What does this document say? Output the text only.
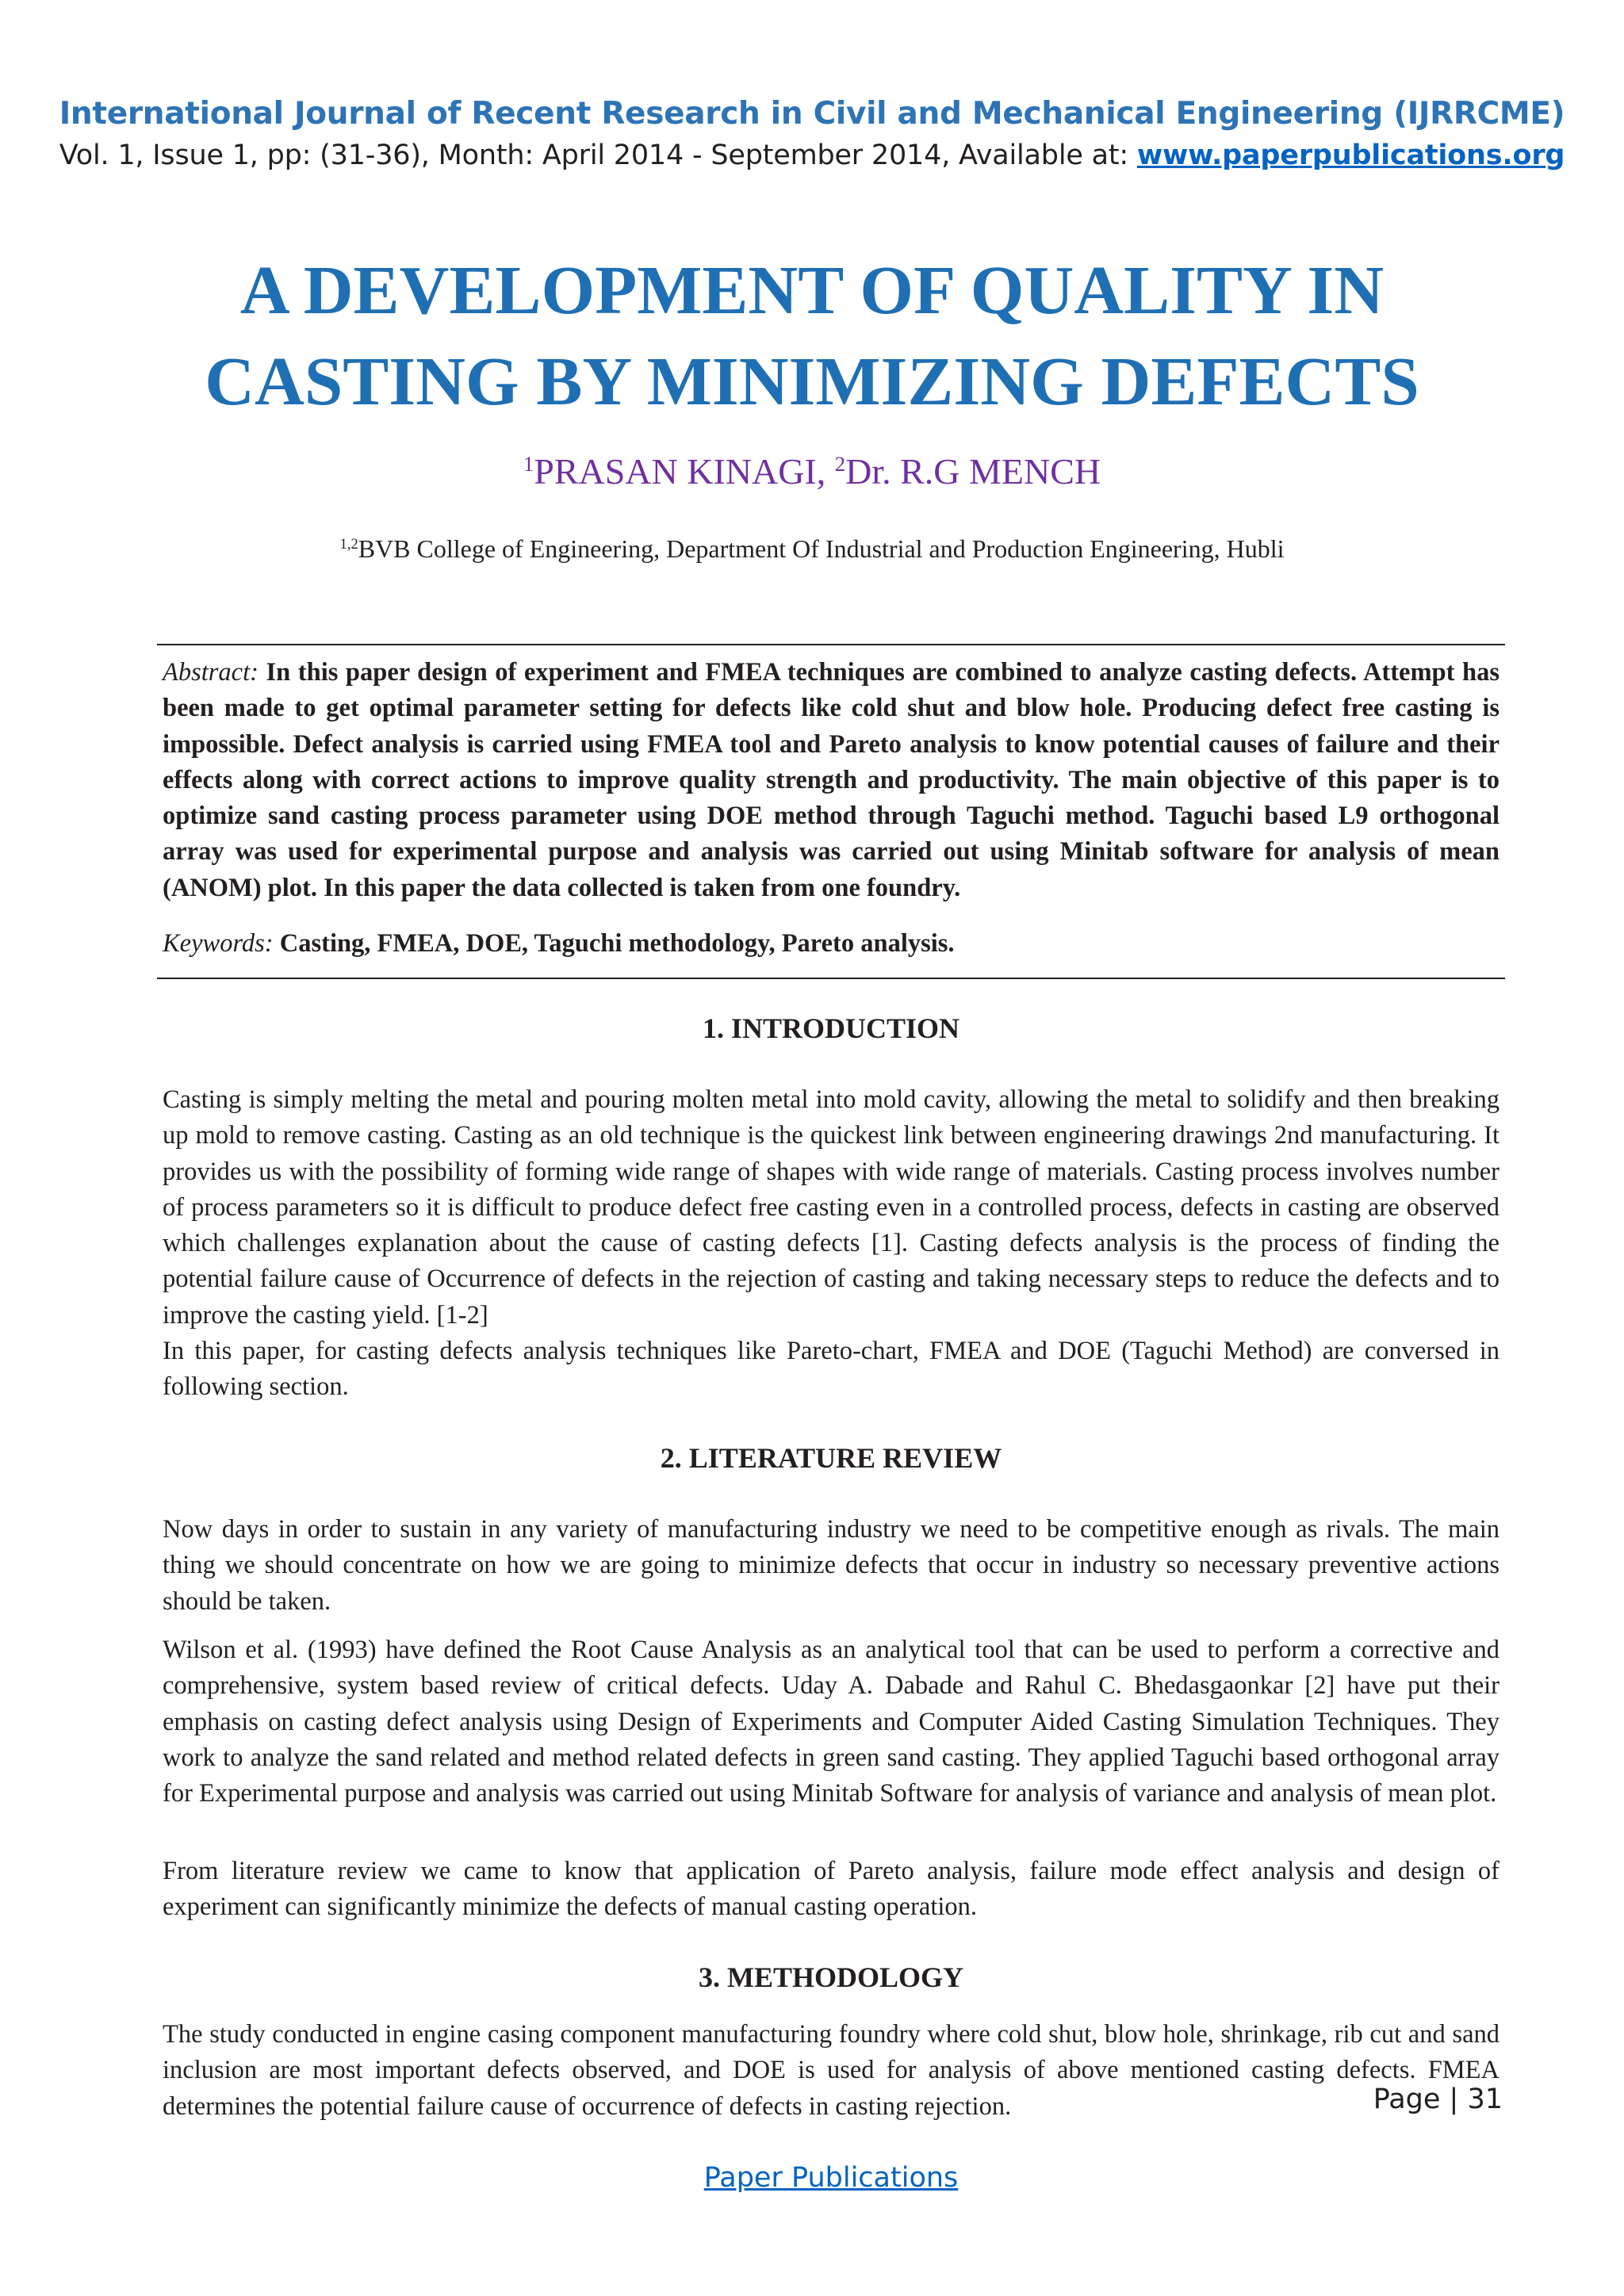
International Journal of Recent Research in Civil and Mechanical Engineering (IJRRCME)
Vol. 1, Issue 1, pp: (31-36), Month: April 2014 - September 2014, Available at: www.paperpublications.org
A DEVELOPMENT OF QUALITY IN
CASTING BY MINIMIZING DEFECTS
$^1$PRASAN KINAGI, $^2$Dr. R.G MENCH
$^{1,2}$BVB College of Engineering, Department Of Industrial and Production Engineering, Hubli
Abstract: In this paper design of experiment and FMEA techniques are combined to analyze casting defects. Attempt has been made to get optimal parameter setting for defects like cold shut and blow hole. Producing defect free casting is impossible. Defect analysis is carried using FMEA tool and Pareto analysis to know potential causes of failure and their effects along with correct actions to improve quality strength and productivity. The main objective of this paper is to optimize sand casting process parameter using DOE method through Taguchi method. Taguchi based L9 orthogonal array was used for experimental purpose and analysis was carried out using Minitab software for analysis of mean (ANOM) plot. In this paper the data collected is taken from one foundry.
Keywords: Casting, FMEA, DOE, Taguchi methodology, Pareto analysis.
1. INTRODUCTION

Casting is simply melting the metal and pouring molten metal into mold cavity, allowing the metal to solidify and then breaking up mold to remove casting. Casting as an old technique is the quickest link between engineering drawings 2nd manufacturing. It provides us with the possibility of forming wide range of shapes with wide range of materials. Casting process involves number of process parameters so it is difficult to produce defect free casting even in a controlled process, defects in casting are observed which challenges explanation about the cause of casting defects [1]. Casting defects analysis is the process of finding the potential failure cause of Occurrence of defects in the rejection of casting and taking necessary steps to reduce the defects and to improve the casting yield. [1-2]

In this paper, for casting defects analysis techniques like Pareto-chart, FMEA and DOE (Taguchi Method) are conversed in following section.

2. LITERATURE REVIEW

Now days in order to sustain in any variety of manufacturing industry we need to be competitive enough as rivals. The main thing we should concentrate on how we are going to minimize defects that occur in industry so necessary preventive actions should be taken.

Wilson et al. (1993) have defined the Root Cause Analysis as an analytical tool that can be used to perform a corrective and comprehensive, system based review of critical defects. Uday A. Dabade and Rahul C. Bhedasgaonkar [2] have put their emphasis on casting defect analysis using Design of Experiments and Computer Aided Casting Simulation Techniques. They work to analyze the sand related and method related defects in green sand casting. They applied Taguchi based orthogonal array for Experimental purpose and analysis was carried out using Minitab Software for analysis of variance and analysis of mean plot.

From literature review we came to know that application of Pareto analysis, failure mode effect analysis and design of experiment can significantly minimize the defects of manual casting operation.

3. METHODOLOGY

The study conducted in engine casing component manufacturing foundry where cold shut, blow hole, shrinkage, rib cut and sand inclusion are most important defects observed, and DOE is used for analysis of above mentioned casting defects. FMEA determines the potential failure cause of occurrence of defects in casting rejection.	Page | 31
Paper Publications
